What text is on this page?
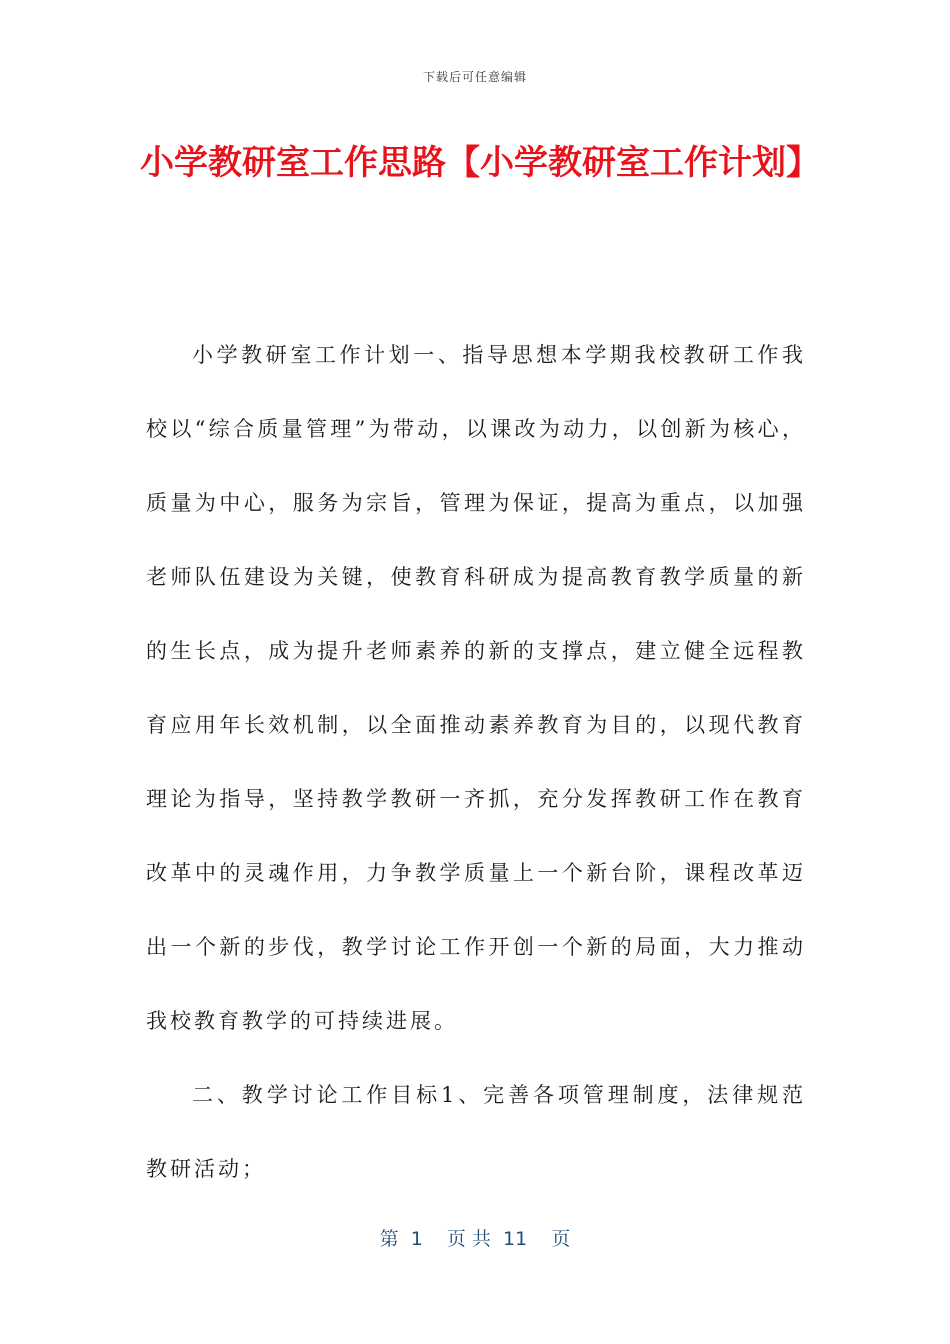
下载后可任意编辑
小学教研室工作思路【小学教研室工作计划】

小学教研室工作计划一、指导思想本学期我校教研工作我校以“综合质量管理”为带动，以课改为动力，以创新为核心，质量为中心，服务为宗旨，管理为保证，提高为重点，以加强老师队伍建设为关键，使教育科研成为提高教育教学质量的新的生长点，成为提升老师素养的新的支撑点，建立健全远程教育应用年长效机制，以全面推动素养教育为目的，以现代教育理论为指导，坚持教学教研一齐抓，充分发挥教研工作在教育改革中的灵魂作用，力争教学质量上一个新台阶，课程改革迈出一个新的步伐，教学讨论工作开创一个新的局面，大力推动我校教育教学的可持续进展。

二、教学讨论工作目标1、完善各项管理制度，法律规范教研活动；

第  1    页 共  11    页
